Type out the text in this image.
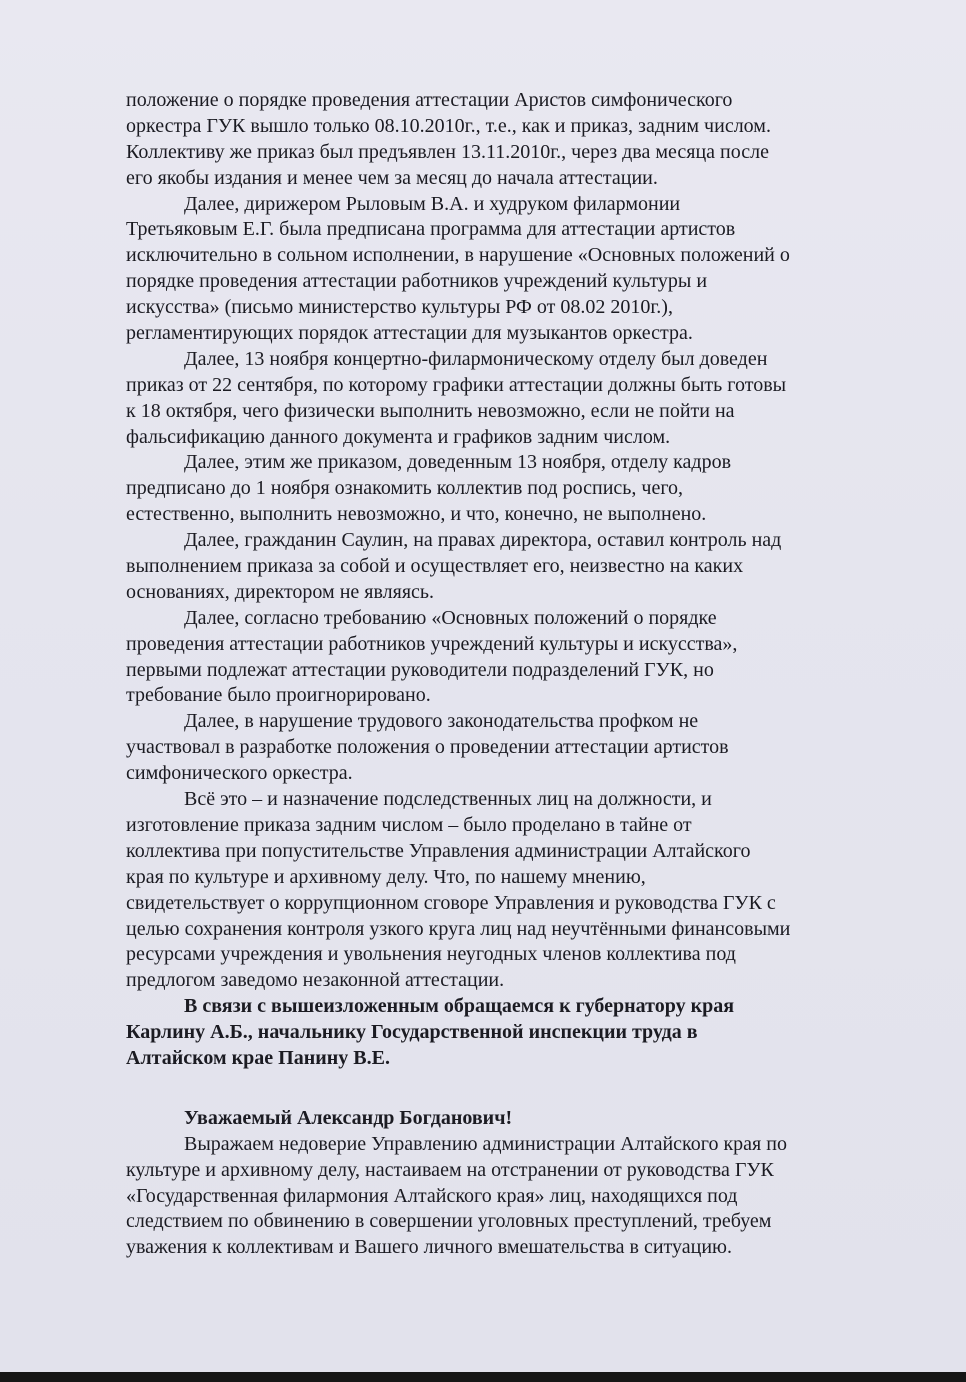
положение о порядке проведения аттестации Аристов симфонического
оркестра ГУК вышло только 08.10.2010г., т.е., как и приказ, задним числом.
Коллективу же приказ был предъявлен 13.11.2010г., через два месяца после
его якобы издания и менее чем за месяц до начала аттестации.
Далее, дирижером Рыловым В.А. и худруком филармонии
Третьяковым Е.Г. была предписана программа для аттестации артистов
исключительно в сольном исполнении, в нарушение «Основных положений о
порядке проведения аттестации работников учреждений культуры и
искусства» (письмо министерство культуры РФ от 08.02 2010г.),
регламентирующих порядок аттестации для музыкантов оркестра.
Далее, 13 ноября концертно-филармоническому отделу был доведен
приказ от 22 сентября, по которому графики аттестации должны быть готовы
к 18 октября, чего физически выполнить невозможно, если не пойти на
фальсификацию данного документа и графиков задним числом.
Далее, этим же приказом, доведенным 13 ноября, отделу кадров
предписано до 1 ноября ознакомить коллектив под роспись, чего,
естественно, выполнить невозможно, и что, конечно, не выполнено.
Далее, гражданин Саулин, на правах директора, оставил контроль над
выполнением приказа за собой и осуществляет его, неизвестно на каких
основаниях, директором не являясь.
Далее, согласно требованию «Основных положений о порядке
проведения аттестации работников учреждений культуры и искусства»,
первыми подлежат аттестации руководители подразделений ГУК, но
требование было проигнорировано.
Далее, в нарушение трудового законодательства профком не
участвовал в разработке положения о проведении аттестации артистов
симфонического оркестра.
Всё это – и назначение подследственных лиц на должности, и
изготовление приказа задним числом – было проделано в тайне от
коллектива при попустительстве Управления администрации Алтайского
края по культуре и архивному делу. Что, по нашему мнению,
свидетельствует о коррупционном сговоре Управления и руководства ГУК с
целью сохранения контроля узкого круга лиц над неучтёнными финансовыми
ресурсами учреждения и увольнения неугодных членов коллектива под
предлогом заведомо незаконной аттестации.
В связи с вышеизложенным обращаемся к губернатору края
Карлину А.Б., начальнику Государственной инспекции труда в
Алтайском крае Панину В.Е.
Уважаемый Александр Богданович!
Выражаем недоверие Управлению администрации Алтайского края по
культуре и архивному делу, настаиваем на отстранении от руководства ГУК
«Государственная филармония Алтайского края» лиц, находящихся под
следствием по обвинению в совершении уголовных преступлений, требуем
уважения к коллективам и Вашего личного вмешательства в ситуацию.
